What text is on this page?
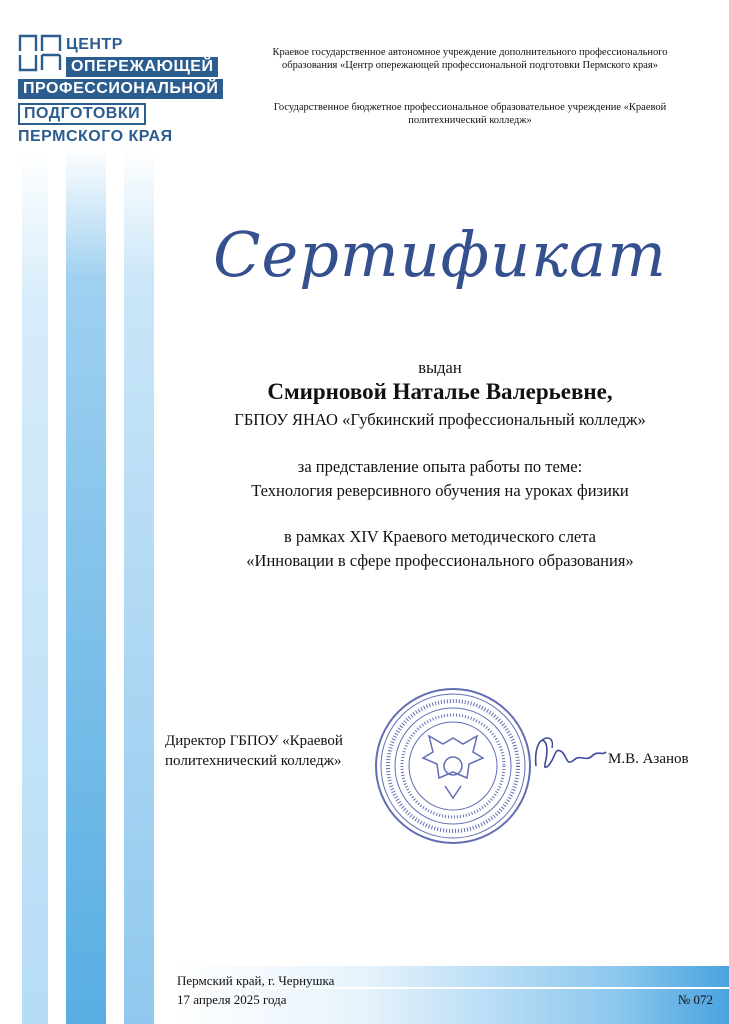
ЦЕНТР
ОПЕРЕЖАЮЩЕЙ
ПРОФЕССИОНАЛЬНОЙ
ПОДГОТОВКИ
ПЕРМСКОГО КРАЯ
Краевое государственное автономное учреждение дополнительного профессионального образования «Центр опережающей профессиональной подготовки Пермского края»
Государственное бюджетное профессиональное образовательное учреждение «Краевой политехнический колледж»
Сертификат
выдан
Смирновой Наталье Валерьевне,
ГБПОУ ЯНАО «Губкинский профессиональный колледж»
за представление опыта работы по теме:
Технология реверсивного обучения на уроках физики
в рамках XIV Краевого методического слета
«Инновации в сфере профессионального образования»
Директор ГБПОУ «Краевой
политехнический колледж»	М.В. Азанов
Пермский край, г. Чернушка
17 апреля 2025 года	№ 072
